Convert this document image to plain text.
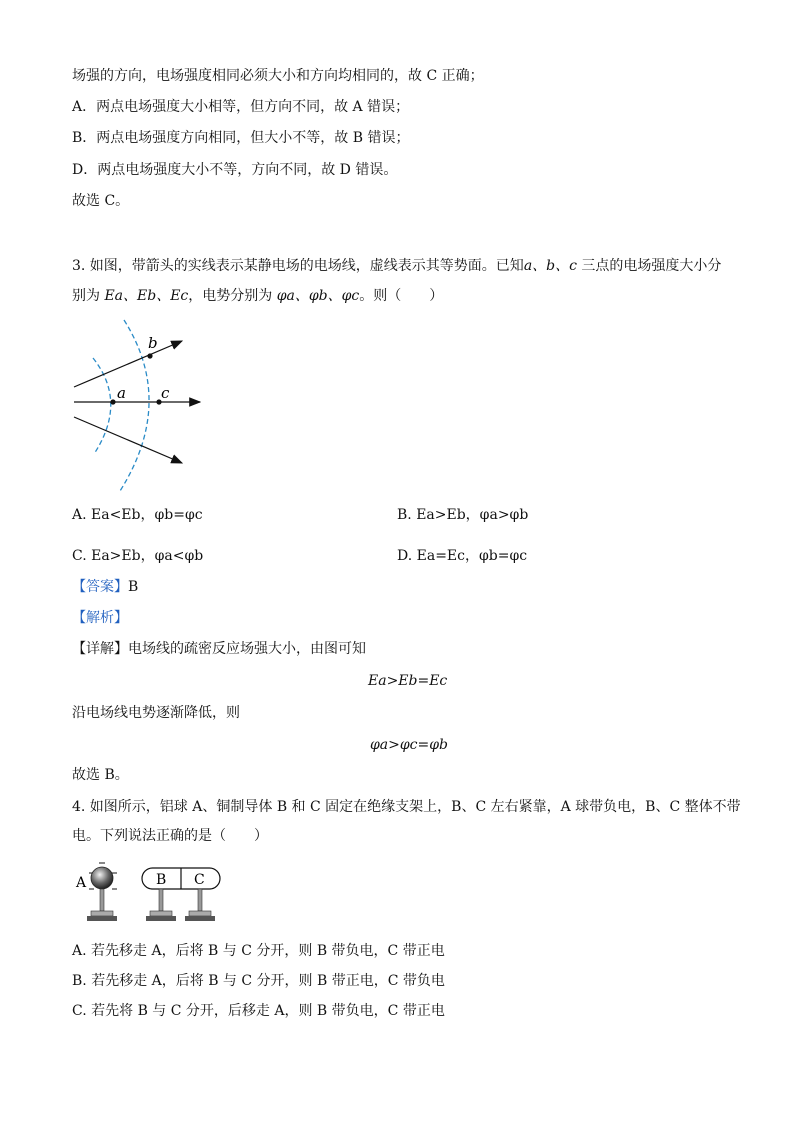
场强的方向，电场强度相同必须大小和方向均相同的，故 C 正确；
A．两点电场强度大小相等，但方向不同，故 A 错误；
B．两点电场强度方向相同，但大小不等，故 B 错误；
D．两点电场强度大小不等，方向不同，故 D 错误。
故选 C。
3. 如图，带箭头的实线表示某静电场的电场线，虚线表示其等势面。已知a、b、c 三点的电场强度大小分
别为 Ea、Eb、Ec，电势分别为 φa、φb、φc。则（　　）
a
b
c
A. Ea<Eb，φb=φc	B. Ea>Eb，φa>φb
C. Ea>Eb，φa<φb	D. Ea=Ec，φb=φc
【答案】B
【解析】
【详解】电场线的疏密反应场强大小，由图可知
Ea>Eb=Ec
沿电场线电势逐渐降低，则
φa>φc=φb
故选 B。
4. 如图所示，铝球 A、铜制导体 B 和 C 固定在绝缘支架上，B、C 左右紧靠，A 球带负电，B、C 整体不带
电。下列说法正确的是（　　）
A	B C
A. 若先移走 A，后将 B 与 C 分开，则 B 带负电，C 带正电
B. 若先移走 A，后将 B 与 C 分开，则 B 带正电，C 带负电
C. 若先将 B 与 C 分开，后移走 A，则 B 带负电，C 带正电
